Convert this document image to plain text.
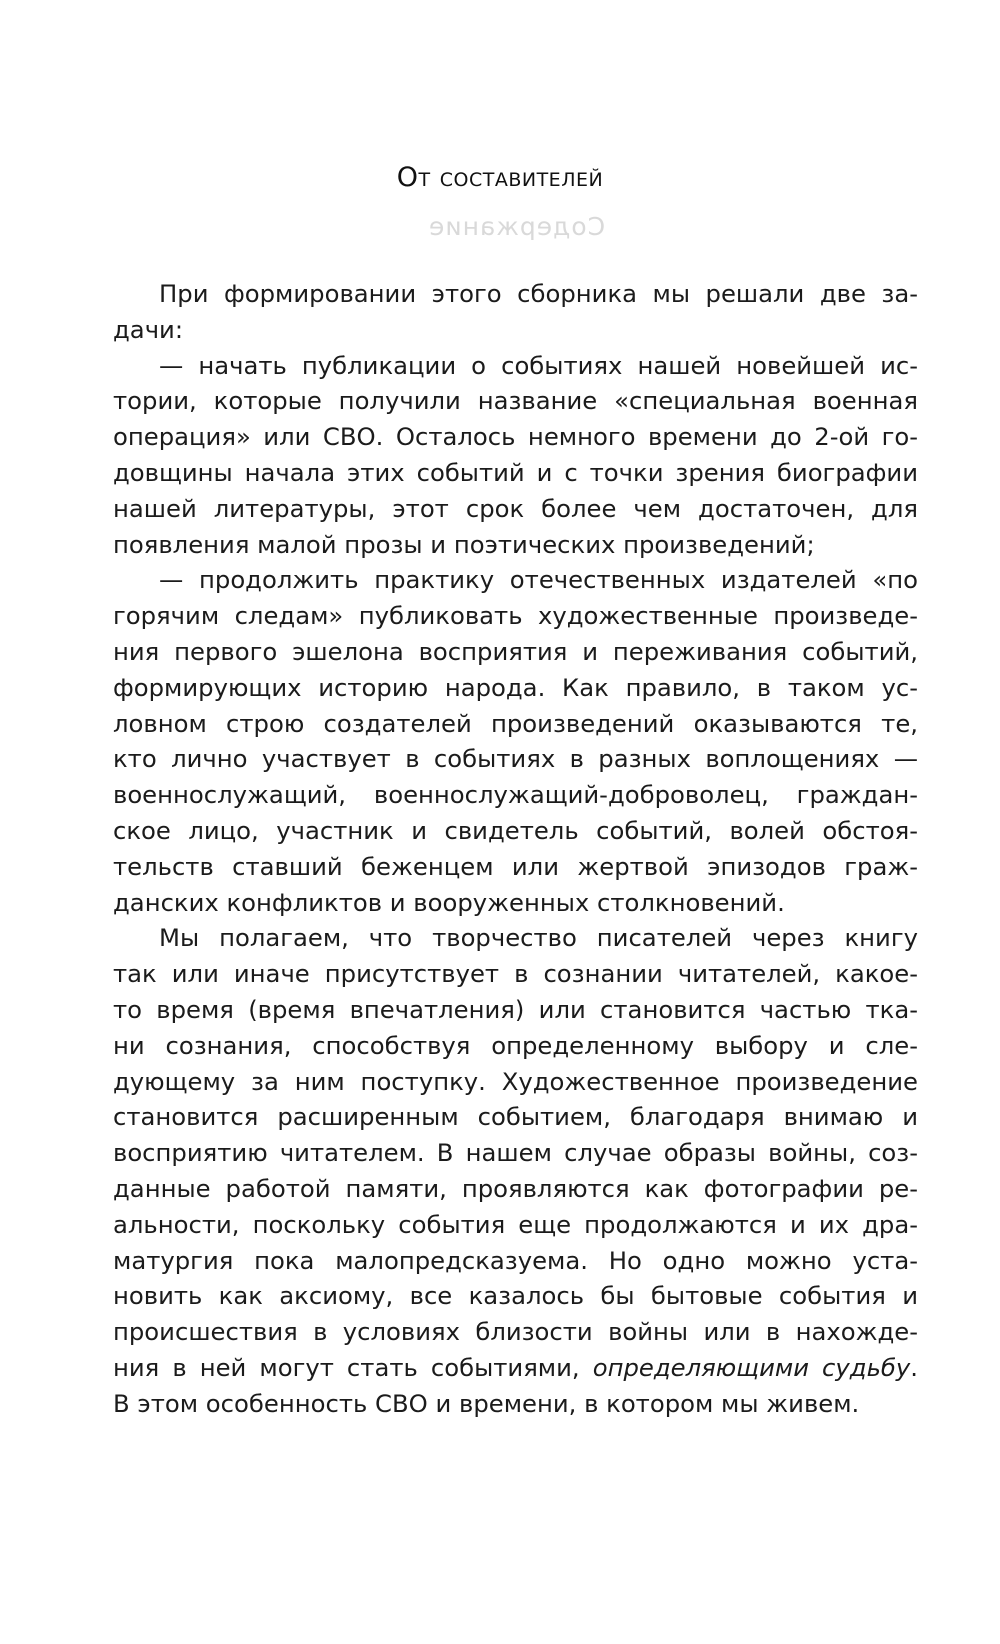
Содержание
От составителей
При формировании этого сборника мы решали две за-
дачи:
— начать публикации о событиях нашей новейшей ис-
тории, которые получили название «специальная военная
операция» или СВО. Осталось немного времени до 2-ой го-
довщины начала этих событий и с точки зрения биографии
нашей литературы, этот срок более чем достаточен, для
появления малой прозы и поэтических произведений;
— продолжить практику отечественных издателей «по
горячим следам» публиковать художественные произведе-
ния первого эшелона восприятия и переживания событий,
формирующих историю народа. Как правило, в таком ус-
ловном строю создателей произведений оказываются те,
кто лично участвует в событиях в разных воплощениях —
военнослужащий, военнослужащий-доброволец, граждан-
ское лицо, участник и свидетель событий, волей обстоя-
тельств ставший беженцем или жертвой эпизодов граж-
данских конфликтов и вооруженных столкновений.
Мы полагаем, что творчество писателей через книгу
так или иначе присутствует в сознании читателей, какое-
то время (время впечатления) или становится частью тка-
ни сознания, способствуя определенному выбору и сле-
дующему за ним поступку. Художественное произведение
становится расширенным событием, благодаря внимаю и
восприятию читателем. В нашем случае образы войны, соз-
данные работой памяти, проявляются как фотографии ре-
альности, поскольку события еще продолжаются и их дра-
матургия пока малопредсказуема. Но одно можно уста-
новить как аксиому, все казалось бы бытовые события и
происшествия в условиях близости войны или в нахожде-
ния в ней могут стать событиями, определяющими судьбу.
В этом особенность СВО и времени, в котором мы живем.
